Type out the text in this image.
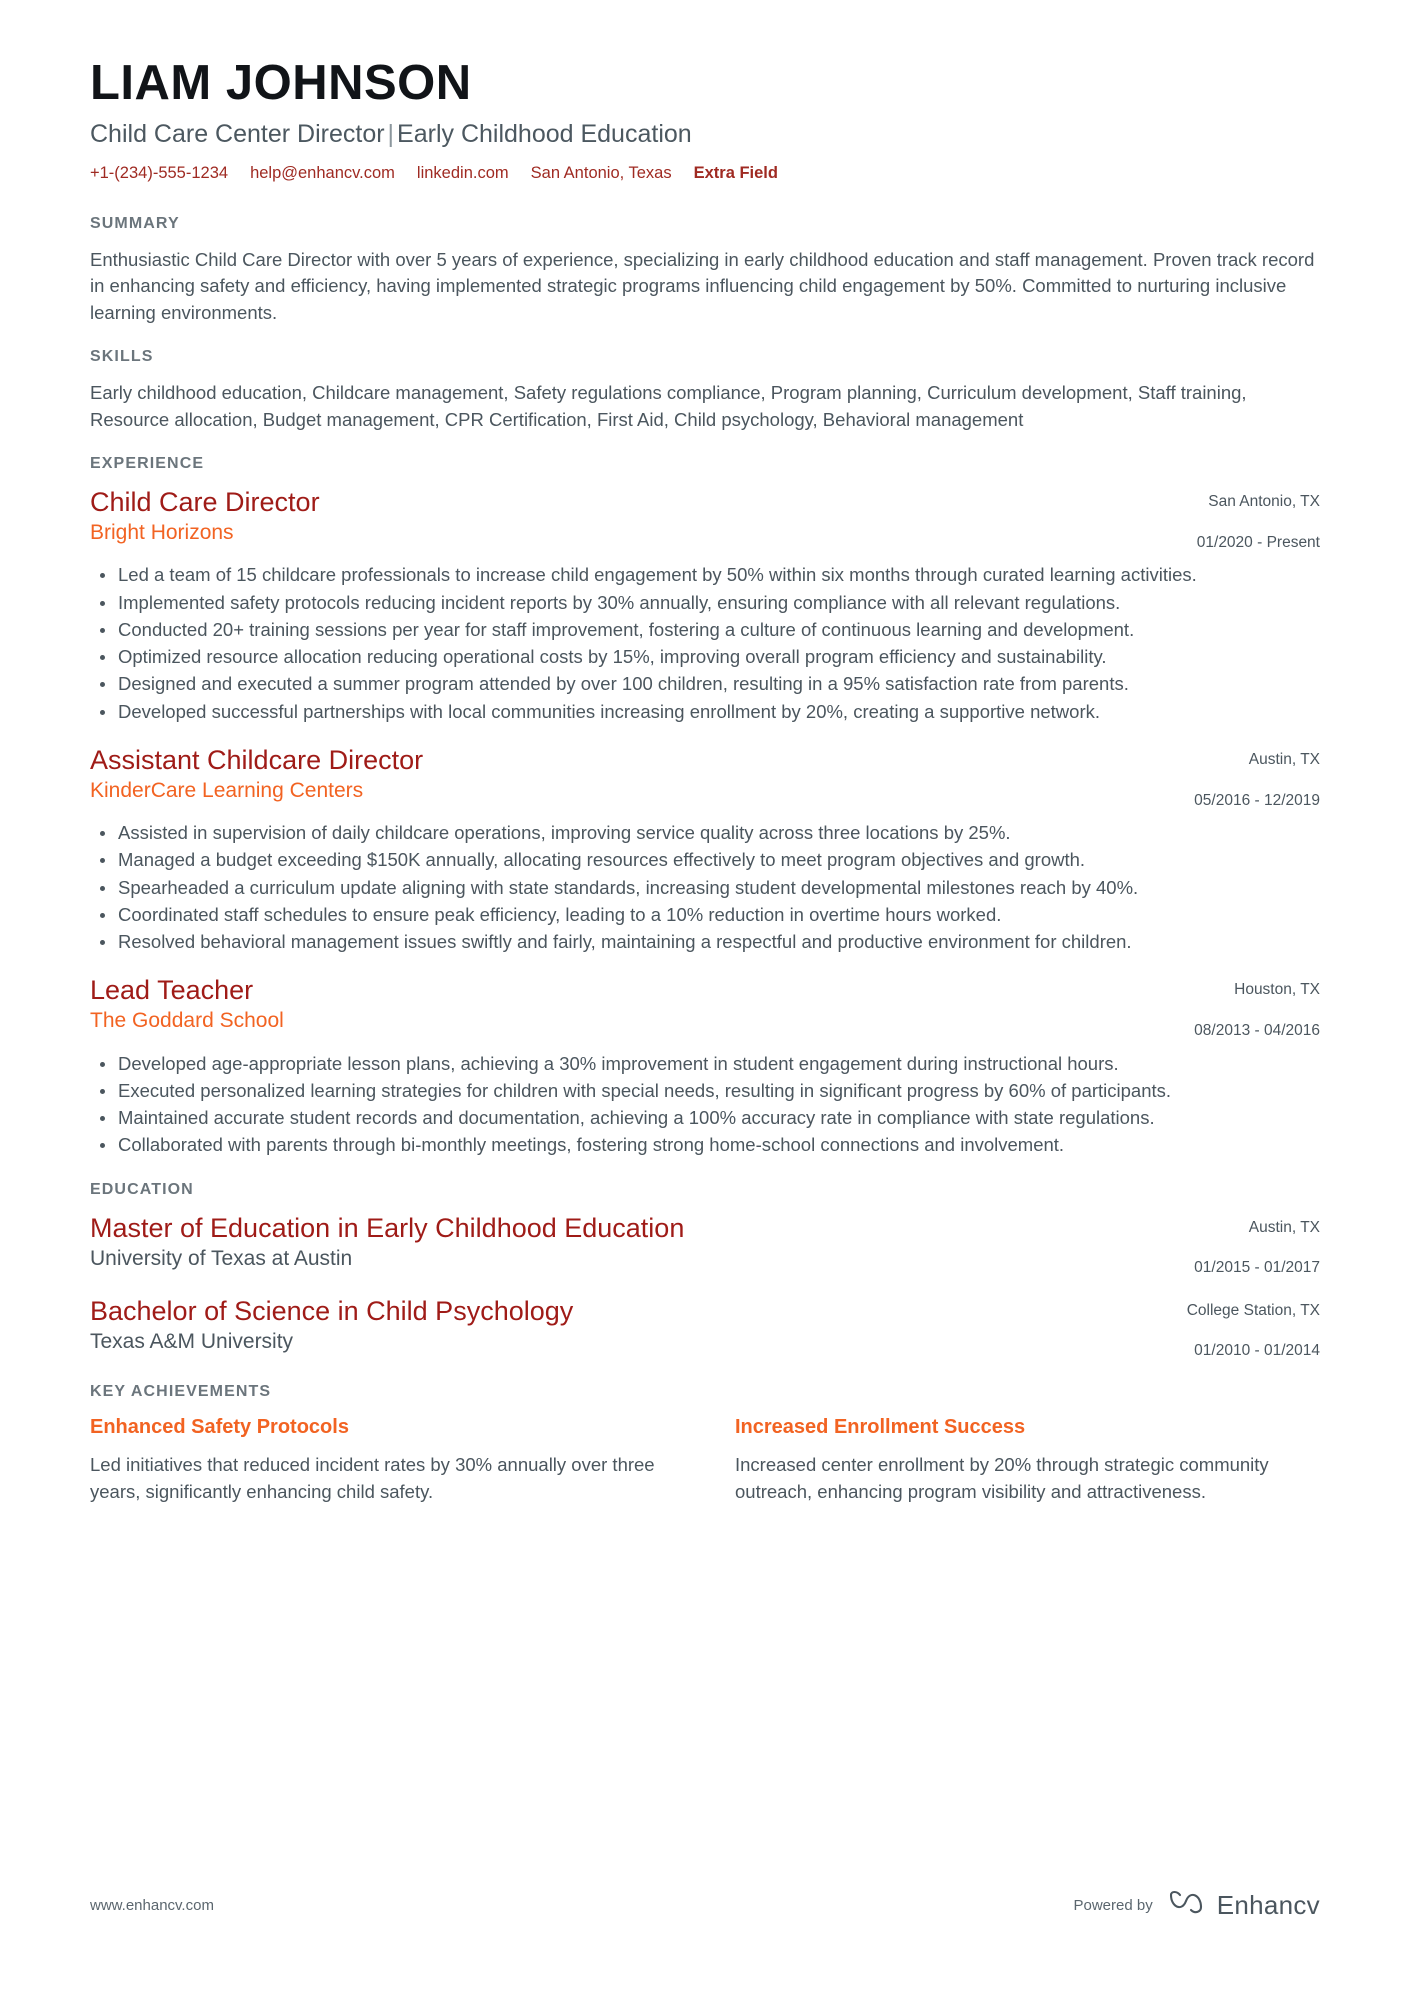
LIAM JOHNSON
Child Care Center Director | Early Childhood Education
+1-(234)-555-1234 help@enhancv.com linkedin.com San Antonio, Texas Extra Field
SUMMARY

Enthusiastic Child Care Director with over 5 years of experience, specializing in early childhood education and staff management. Proven track record in enhancing safety and efficiency, having implemented strategic programs influencing child engagement by 50%. Committed to nurturing inclusive learning environments.

SKILLS

Early childhood education, Childcare management, Safety regulations compliance, Program planning, Curriculum development, Staff training, Resource allocation, Budget management, CPR Certification, First Aid, Child psychology, Behavioral management

EXPERIENCE
Child Care Director
Bright Horizons
San Antonio, TX
01/2020 - Present
Led a team of 15 childcare professionals to increase child engagement by 50% within six months through curated learning activities.
Implemented safety protocols reducing incident reports by 30% annually, ensuring compliance with all relevant regulations.
Conducted 20+ training sessions per year for staff improvement, fostering a culture of continuous learning and development.
Optimized resource allocation reducing operational costs by 15%, improving overall program efficiency and sustainability.
Designed and executed a summer program attended by over 100 children, resulting in a 95% satisfaction rate from parents.
Developed successful partnerships with local communities increasing enrollment by 20%, creating a supportive network.
Assistant Childcare Director
KinderCare Learning Centers
Austin, TX
05/2016 - 12/2019
Assisted in supervision of daily childcare operations, improving service quality across three locations by 25%.
Managed a budget exceeding $150K annually, allocating resources effectively to meet program objectives and growth.
Spearheaded a curriculum update aligning with state standards, increasing student developmental milestones reach by 40%.
Coordinated staff schedules to ensure peak efficiency, leading to a 10% reduction in overtime hours worked.
Resolved behavioral management issues swiftly and fairly, maintaining a respectful and productive environment for children.
Lead Teacher
The Goddard School
Houston, TX
08/2013 - 04/2016
Developed age-appropriate lesson plans, achieving a 30% improvement in student engagement during instructional hours.
Executed personalized learning strategies for children with special needs, resulting in significant progress by 60% of participants.
Maintained accurate student records and documentation, achieving a 100% accuracy rate in compliance with state regulations.
Collaborated with parents through bi-monthly meetings, fostering strong home-school connections and involvement.
EDUCATION
Master of Education in Early Childhood Education
University of Texas at Austin
Austin, TX
01/2015 - 01/2017
Bachelor of Science in Child Psychology
Texas A&M University
College Station, TX
01/2010 - 01/2014
KEY ACHIEVEMENTS
Enhanced Safety Protocols

Led initiatives that reduced incident rates by 30% annually over three years, significantly enhancing child safety.

Increased Enrollment Success

Increased center enrollment by 20% through strategic community outreach, enhancing program visibility and attractiveness.

www.enhancv.com	Powered by Enhancv
